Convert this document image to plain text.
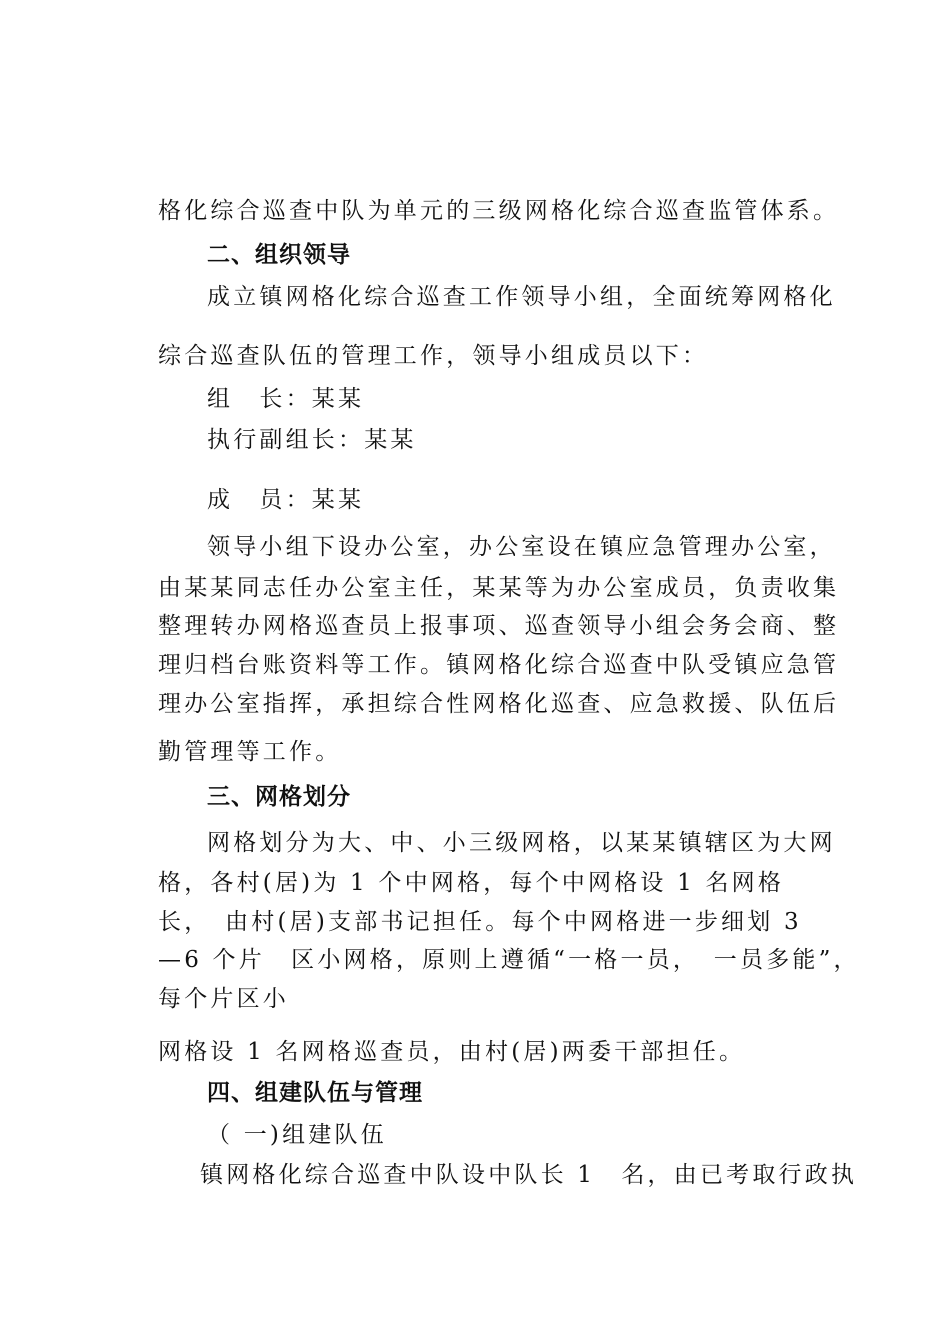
格化综合巡查中队为单元的三级网格化综合巡查监管体系。
二、组织领导
成立镇网格化综合巡查工作领导小组，全面统筹网格化
综合巡查队伍的管理工作，领导小组成员以下：
组　长：某某
执行副组长：某某
成　员：某某
领导小组下设办公室，办公室设在镇应急管理办公室，
由某某同志任办公室主任，某某等为办公室成员，负责收集
整理转办网格巡查员上报事项、巡查领导小组会务会商、整
理归档台账资料等工作。镇网格化综合巡查中队受镇应急管
理办公室指挥，承担综合性网格化巡查、应急救援、队伍后
勤管理等工作。
三、网格划分
网格划分为大、中、小三级网格，以某某镇辖区为大网
格，各村(居)为 1 个中网格，每个中网格设 1 名网格
长，　由村(居)支部书记担任。每个中网格进一步细划 3
—6 个片　区小网格，原则上遵循“一格一员，　一员多能”，
每个片区小
网格设 1 名网格巡查员，由村(居)两委干部担任。
四、组建队伍与管理
（ 一)组建队伍
镇网格化综合巡查中队设中队长 1　名，由已考取行政执
